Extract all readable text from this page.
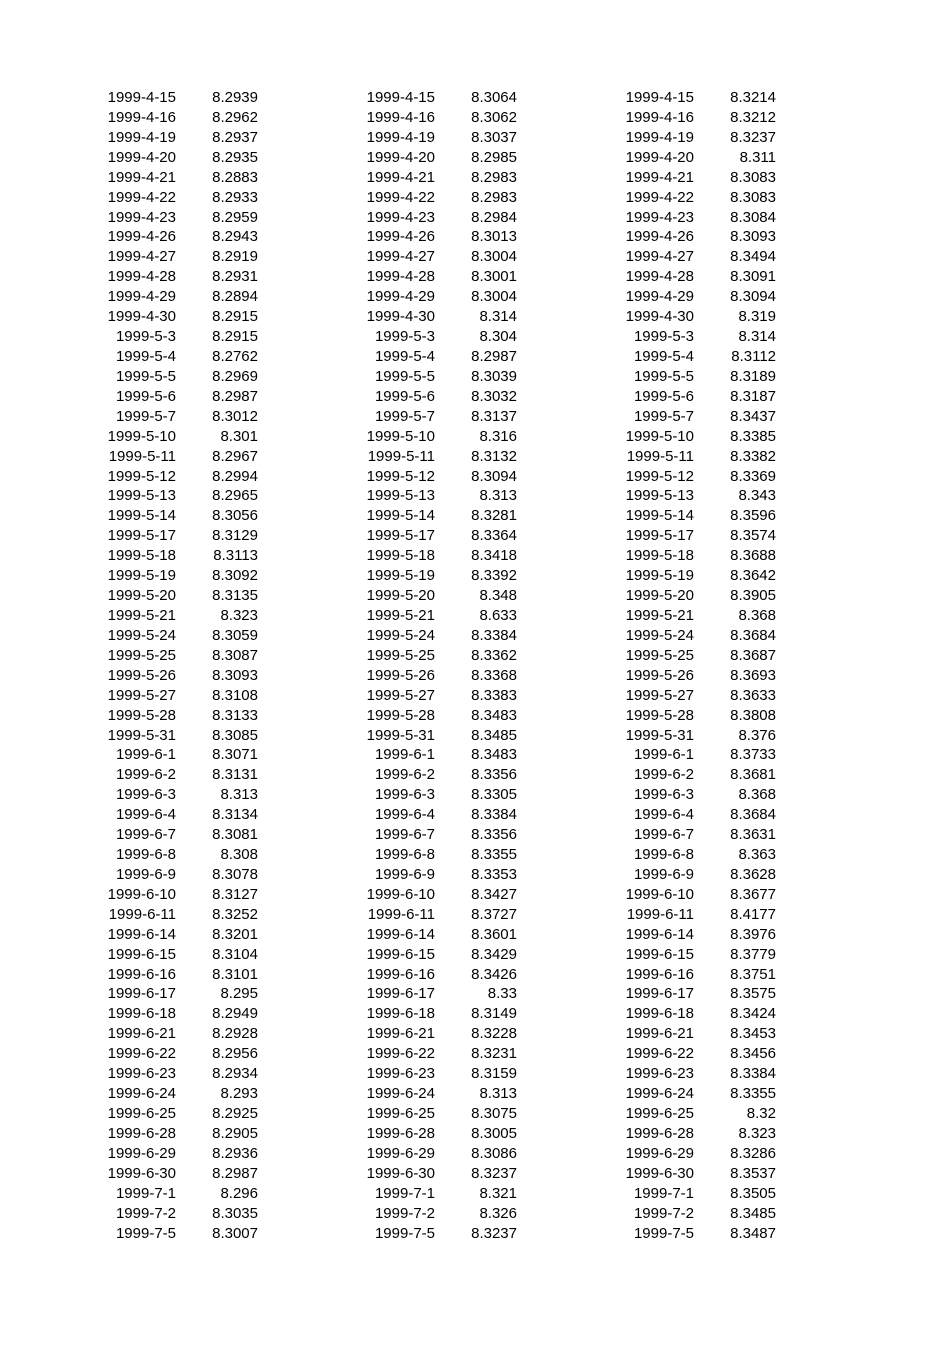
1999-4-15	8.2939
1999-4-16	8.2962
1999-4-19	8.2937
1999-4-20	8.2935
1999-4-21	8.2883
1999-4-22	8.2933
1999-4-23	8.2959
1999-4-26	8.2943
1999-4-27	8.2919
1999-4-28	8.2931
1999-4-29	8.2894
1999-4-30	8.2915
1999-5-3	8.2915
1999-5-4	8.2762
1999-5-5	8.2969
1999-5-6	8.2987
1999-5-7	8.3012
1999-5-10	8.301
1999-5-11	8.2967
1999-5-12	8.2994
1999-5-13	8.2965
1999-5-14	8.3056
1999-5-17	8.3129
1999-5-18	8.3113
1999-5-19	8.3092
1999-5-20	8.3135
1999-5-21	8.323
1999-5-24	8.3059
1999-5-25	8.3087
1999-5-26	8.3093
1999-5-27	8.3108
1999-5-28	8.3133
1999-5-31	8.3085
1999-6-1	8.3071
1999-6-2	8.3131
1999-6-3	8.313
1999-6-4	8.3134
1999-6-7	8.3081
1999-6-8	8.308
1999-6-9	8.3078
1999-6-10	8.3127
1999-6-11	8.3252
1999-6-14	8.3201
1999-6-15	8.3104
1999-6-16	8.3101
1999-6-17	8.295
1999-6-18	8.2949
1999-6-21	8.2928
1999-6-22	8.2956
1999-6-23	8.2934
1999-6-24	8.293
1999-6-25	8.2925
1999-6-28	8.2905
1999-6-29	8.2936
1999-6-30	8.2987
1999-7-1	8.296
1999-7-2	8.3035
1999-7-5	8.3007
1999-4-15	8.3064
1999-4-16	8.3062
1999-4-19	8.3037
1999-4-20	8.2985
1999-4-21	8.2983
1999-4-22	8.2983
1999-4-23	8.2984
1999-4-26	8.3013
1999-4-27	8.3004
1999-4-28	8.3001
1999-4-29	8.3004
1999-4-30	8.314
1999-5-3	8.304
1999-5-4	8.2987
1999-5-5	8.3039
1999-5-6	8.3032
1999-5-7	8.3137
1999-5-10	8.316
1999-5-11	8.3132
1999-5-12	8.3094
1999-5-13	8.313
1999-5-14	8.3281
1999-5-17	8.3364
1999-5-18	8.3418
1999-5-19	8.3392
1999-5-20	8.348
1999-5-21	8.633
1999-5-24	8.3384
1999-5-25	8.3362
1999-5-26	8.3368
1999-5-27	8.3383
1999-5-28	8.3483
1999-5-31	8.3485
1999-6-1	8.3483
1999-6-2	8.3356
1999-6-3	8.3305
1999-6-4	8.3384
1999-6-7	8.3356
1999-6-8	8.3355
1999-6-9	8.3353
1999-6-10	8.3427
1999-6-11	8.3727
1999-6-14	8.3601
1999-6-15	8.3429
1999-6-16	8.3426
1999-6-17	8.33
1999-6-18	8.3149
1999-6-21	8.3228
1999-6-22	8.3231
1999-6-23	8.3159
1999-6-24	8.313
1999-6-25	8.3075
1999-6-28	8.3005
1999-6-29	8.3086
1999-6-30	8.3237
1999-7-1	8.321
1999-7-2	8.326
1999-7-5	8.3237
1999-4-15	8.3214
1999-4-16	8.3212
1999-4-19	8.3237
1999-4-20	8.311
1999-4-21	8.3083
1999-4-22	8.3083
1999-4-23	8.3084
1999-4-26	8.3093
1999-4-27	8.3494
1999-4-28	8.3091
1999-4-29	8.3094
1999-4-30	8.319
1999-5-3	8.314
1999-5-4	8.3112
1999-5-5	8.3189
1999-5-6	8.3187
1999-5-7	8.3437
1999-5-10	8.3385
1999-5-11	8.3382
1999-5-12	8.3369
1999-5-13	8.343
1999-5-14	8.3596
1999-5-17	8.3574
1999-5-18	8.3688
1999-5-19	8.3642
1999-5-20	8.3905
1999-5-21	8.368
1999-5-24	8.3684
1999-5-25	8.3687
1999-5-26	8.3693
1999-5-27	8.3633
1999-5-28	8.3808
1999-5-31	8.376
1999-6-1	8.3733
1999-6-2	8.3681
1999-6-3	8.368
1999-6-4	8.3684
1999-6-7	8.3631
1999-6-8	8.363
1999-6-9	8.3628
1999-6-10	8.3677
1999-6-11	8.4177
1999-6-14	8.3976
1999-6-15	8.3779
1999-6-16	8.3751
1999-6-17	8.3575
1999-6-18	8.3424
1999-6-21	8.3453
1999-6-22	8.3456
1999-6-23	8.3384
1999-6-24	8.3355
1999-6-25	8.32
1999-6-28	8.323
1999-6-29	8.3286
1999-6-30	8.3537
1999-7-1	8.3505
1999-7-2	8.3485
1999-7-5	8.3487
